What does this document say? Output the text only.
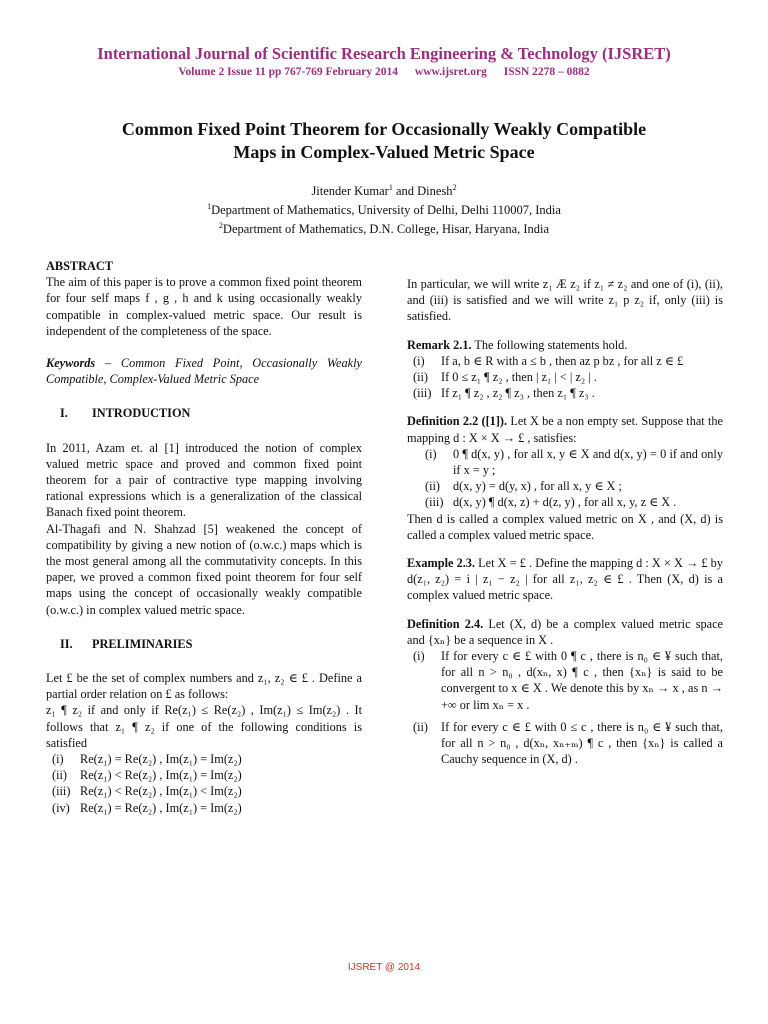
International Journal of Scientific Research Engineering & Technology (IJSRET)
Volume 2 Issue 11 pp 767-769 February 2014 www.ijsret.org ISSN 2278 – 0882
Common Fixed Point Theorem for Occasionally Weakly Compatible
Maps in Complex-Valued Metric Space
Jitender Kumar$^1$ and Dinesh$^2$
$^1$Department of Mathematics, University of Delhi, Delhi 110007, India
$^2$Department of Mathematics, D.N. College, Hisar, Haryana, India
ABSTRACT

The aim of this paper is to prove a common fixed point theorem for four self maps f , g , h and k using occasionally weakly compatible in complex-valued metric space. Our result is independent of the completeness of the space.

Keywords – Common Fixed Point, Occasionally Weakly Compatible, Complex-Valued Metric Space

I. INTRODUCTION

In 2011, Azam et. al [1] introduced the notion of complex valued metric space and proved and common fixed point theorem for a pair of contractive type mapping involving rational expressions which is a generalization of the classical Banach fixed point theorem.

Al-Thagafi and N. Shahzad [5] weakened the concept of compatibility by giving a new notion of (o.w.c.) maps which is the most general among all the commutativity concepts. In this paper, we proved a common fixed point theorem for four self maps using the concept of occasionally weakly compatible (o.w.c.) in complex valued metric space.

II. PRELIMINARIES

Let £ be the set of complex numbers and z₁, z₂ ∈ £ . Define a partial order relation on £ as follows:

z₁ ¶ z₂ if and only if Re(z₁) ≤ Re(z₂) , Im(z₁) ≤ Im(z₂) . It follows that z₁ ¶ z₂ if one of the following conditions is satisfied

(i)	Re(z₁) = Re(z₂) , Im(z₁) = Im(z₂)
(ii)	Re(z₁) < Re(z₂) , Im(z₁) = Im(z₂)
(iii) Re(z₁) < Re(z₂) , Im(z₁) < Im(z₂)
(iv) Re(z₁) = Re(z₂) , Im(z₁) = Im(z₂)

In particular, we will write z₁ Æ z₂ if z₁ ≠ z₂ and one of (i), (ii), and (iii) is satisfied and we will write z₁ p z₂ if, only (iii) is satisfied.

Remark 2.1. The following statements hold.

(i)	If a, b ∈ R with a ≤ b , then az p bz , for all z ∈ £
(ii)	If 0 ≤ z₁ ¶ z₂ , then | z₁ | < | z₂ | .
(iii) If z₁ ¶ z₂ , z₂ ¶ z₃ , then z₁ ¶ z₃ .

Definition 2.2 ([1]). Let X be a non empty set. Suppose that the mapping d : X × X → £ , satisfies:

(i)	0 ¶ d(x, y) , for all x, y ∈ X and d(x, y) = 0 if and only if x = y ;
(ii)	d(x, y) = d(y, x) , for all x, y ∈ X ;
(iii) d(x, y) ¶ d(x, z) + d(z, y) , for all x, y, z ∈ X .

Then d is called a complex valued metric on X , and (X, d) is called a complex valued metric space.

Example 2.3. Let X = £ . Define the mapping d : X × X → £ by d(z₁, z₂) = i | z₁ − z₂ | for all z₁, z₂ ∈ £ . Then (X, d) is a complex valued metric space.

Definition 2.4. Let (X, d) be a complex valued metric space and {xₙ} be a sequence in X .

(i)	If for every c ∈ £ with 0 ¶ c , there is n₀ ∈ ¥ such that, for all n > n₀ , d(xₙ, x) ¶ c , then {xₙ} is said to be convergent to x ∈ X . We denote this by xₙ → x , as n → +∞ or lim xₙ = x .
(ii)	If for every c ∈ £ with 0 ≤ c , there is n₀ ∈ ¥ such that, for all n > n₀ , d(xₙ, xₙ₊ₘ) ¶ c , then {xₙ} is called a Cauchy sequence in (X, d) .
IJSRET @ 2014
